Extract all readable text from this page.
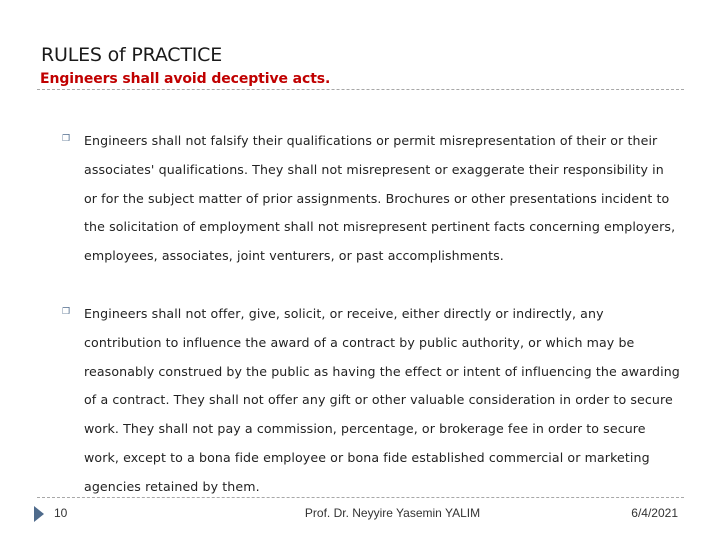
RULES of PRACTICE
Engineers shall avoid deceptive acts.
❒	Engineers shall not falsify their qualifications or permit misrepresentation of their or their associates' qualifications. They shall not misrepresent or exaggerate their responsibility in or for the subject matter of prior assignments. Brochures or other presentations incident to the solicitation of employment shall not misrepresent pertinent facts concerning employers, employees, associates, joint venturers, or past accomplishments.
❒	Engineers shall not offer, give, solicit, or receive, either directly or indirectly, any contribution to influence the award of a contract by public authority, or which may be reasonably construed by the public as having the effect or intent of influencing the awarding of a contract. They shall not offer any gift or other valuable consideration in order to secure work. They shall not pay a commission, percentage, or brokerage fee in order to secure work, except to a bona fide employee or bona fide established commercial or marketing agencies retained by them.
10	Prof. Dr. Neyyire Yasemin YALIM	6/4/2021
